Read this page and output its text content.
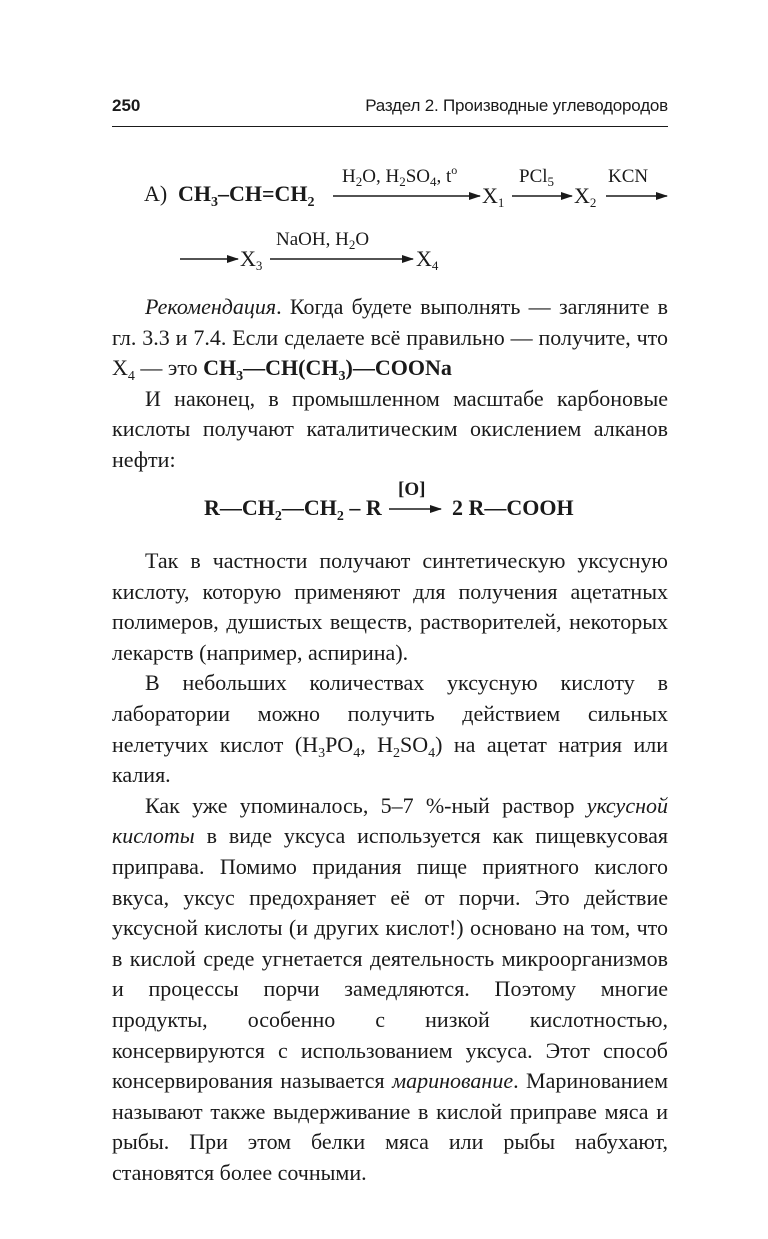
250	Раздел 2. Производные углеводородов
А) $CH_3-CH=CH_2$
$H_2O$, $H_2SO_4$, $t^o$
X1
PCl$_5$
X2
KCN
X3
NaOH, $H_2O$
X4

Рекомендация. Когда будете выполнять — загляните в гл. 3.3 и 7.4. Если сделаете всё правильно — получите, что $X_4$ — это $CH_3—CH(CH_3)—COONa$

И наконец, в промышленном масштабе карбоновые кислоты получают каталитическим окислением алканов нефти:

$R—CH_2—CH_2$ – R
[O]
2 R—COOH

Так в частности получают синтетическую уксусную кислоту, которую применяют для получения ацетатных полимеров, душистых веществ, растворителей, некоторых лекарств (например, аспирина).

В небольших количествах уксусную кислоту в лаборатории можно получить действием сильных нелетучих кислот ($H_3PO_4$, $H_2SO_4$) на ацетат натрия или калия.

Как уже упоминалось, 5–7 %-ный раствор уксусной кислоты в виде уксуса используется как пищевкусовая приправа. Помимо придания пище приятного кислого вкуса, уксус предохраняет её от порчи. Это действие уксусной кислоты (и других кислот!) основано на том, что в кислой среде угнетается деятельность микроорганизмов и процессы порчи замедляются. Поэтому многие продукты, особенно с низкой кислотностью, консервируются с использованием уксуса. Этот способ консервирования называется маринование. Маринованием называют также выдерживание в кислой приправе мяса и рыбы. При этом белки мяса или рыбы набухают, становятся более сочными.
